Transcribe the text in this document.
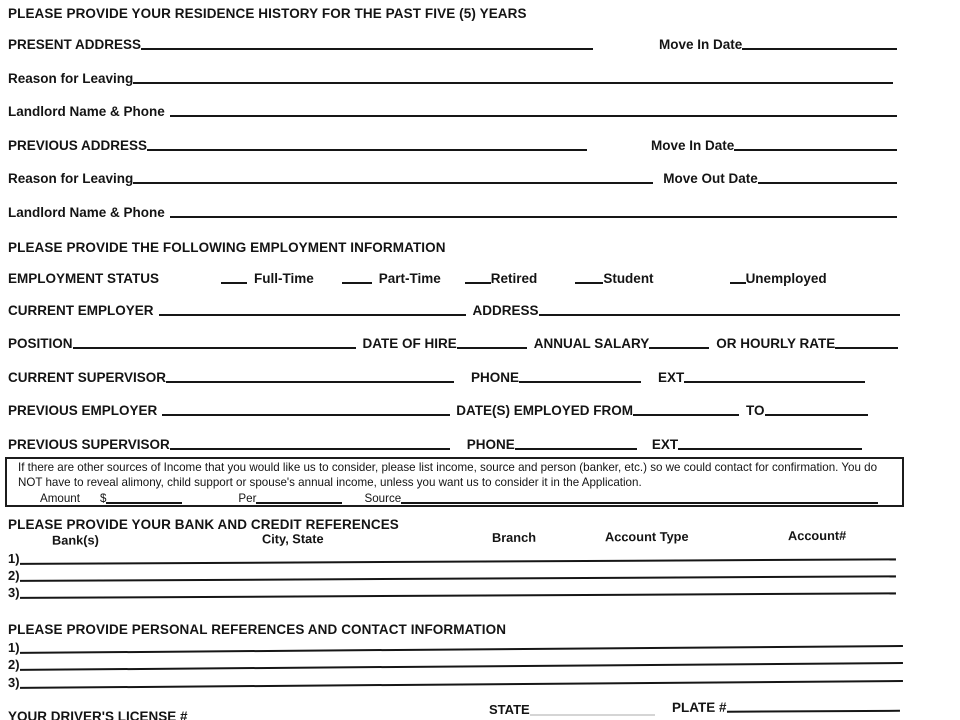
PLEASE PROVIDE YOUR RESIDENCE HISTORY FOR THE PAST FIVE (5) YEARS
PRESENT ADDRESS	Move In Date
Reason for Leaving
Landlord Name & Phone
PREVIOUS ADDRESS	Move In Date
Reason for Leaving	Move Out Date
Landlord Name & Phone
PLEASE PROVIDE THE FOLLOWING EMPLOYMENT INFORMATION
EMPLOYMENT STATUS	Full-Time	Part-Time	Retired	Student	Unemployed
CURRENT EMPLOYER	ADDRESS
POSITION	DATE OF HIRE	ANNUAL SALARY	OR HOURLY RATE
CURRENT SUPERVISOR	PHONE	EXT
PREVIOUS EMPLOYER	DATE(S) EMPLOYED FROM	TO
PREVIOUS SUPERVISOR	PHONE	EXT
If there are other sources of Income that you would like us to consider, please list income, source and person (banker, etc.) so we could contact for confirmation. You do NOT have to reveal alimony, child support or spouse's annual income, unless you want us to consider it in the Application.
Amount $	Per	Source
PLEASE PROVIDE YOUR BANK AND CREDIT REFERENCES
Bank(s)	City, State	Branch	Account Type	Account#
1)
2)
3)
PLEASE PROVIDE PERSONAL REFERENCES AND CONTACT INFORMATION
1)
2)
3)
YOUR DRIVER'S LICENSE #	STATE	PLATE #
